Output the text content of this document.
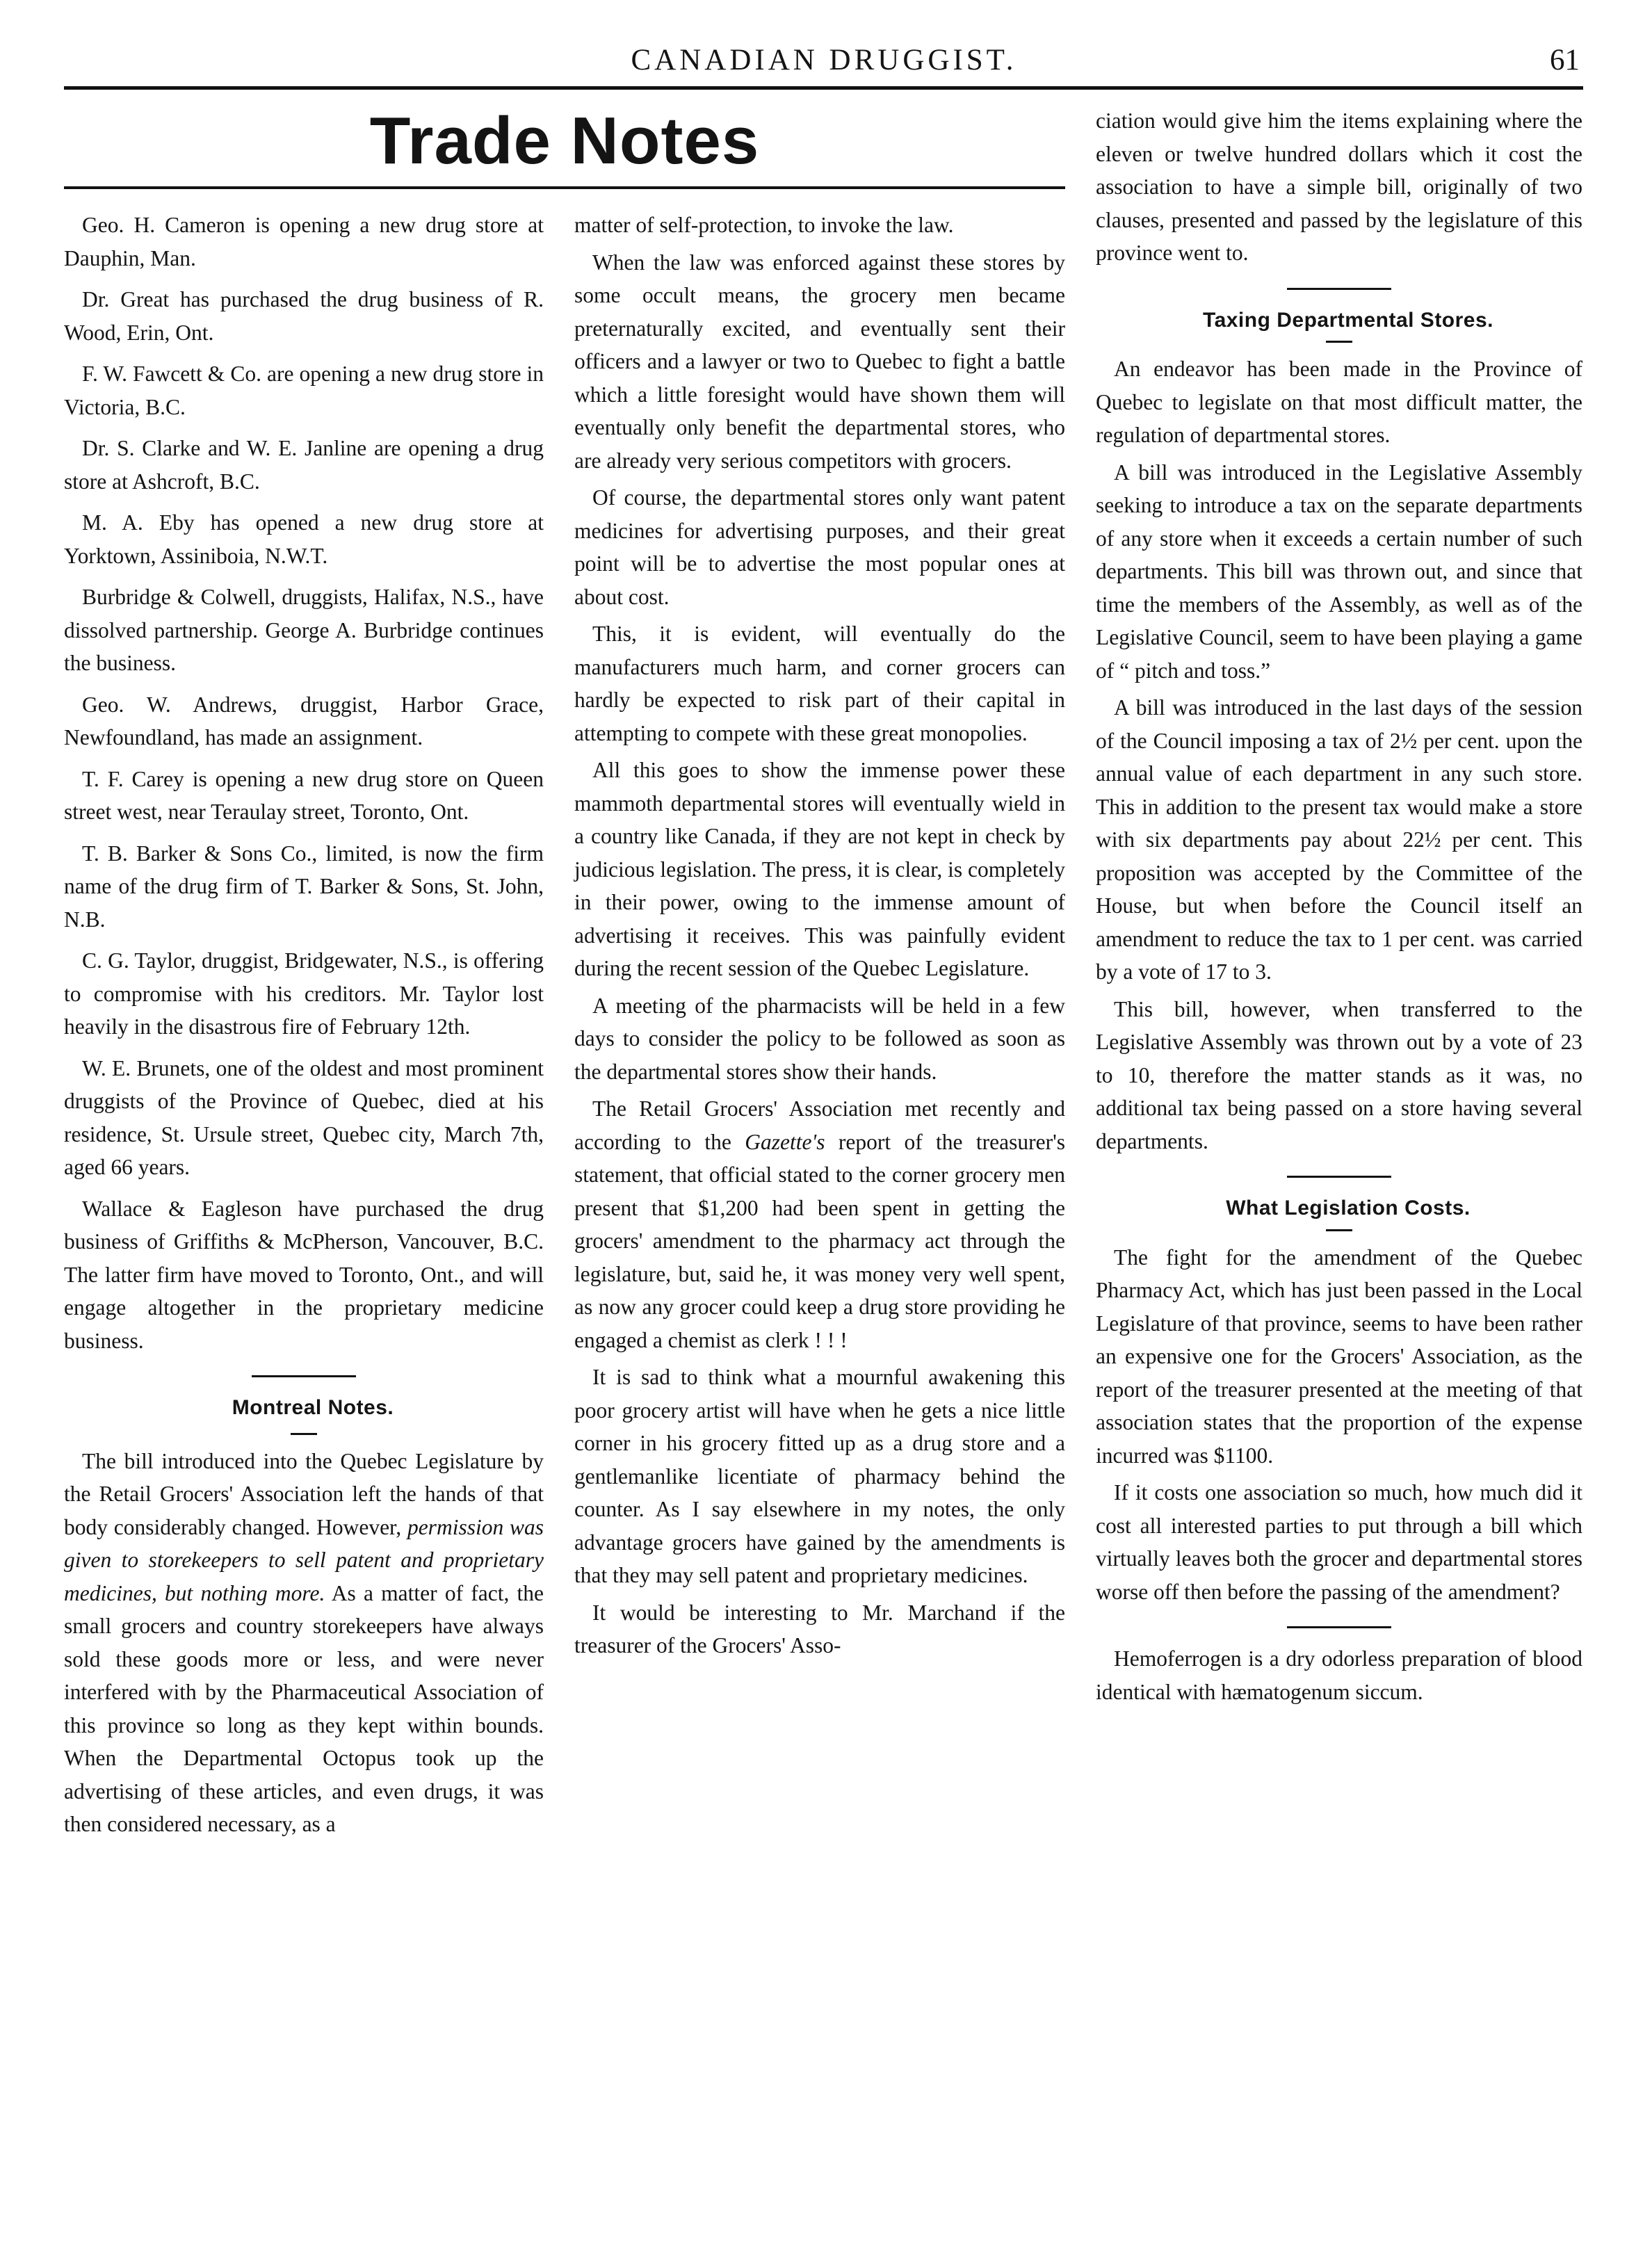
CANADIAN DRUGGIST.	61
Trade Notes

Geo. H. Cameron is opening a new drug store at Dauphin, Man.

Dr. Great has purchased the drug business of R. Wood, Erin, Ont.

F. W. Fawcett & Co. are opening a new drug store in Victoria, B.C.

Dr. S. Clarke and W. E. Janline are opening a drug store at Ashcroft, B.C.

M. A. Eby has opened a new drug store at Yorktown, Assiniboia, N.W.T.

Burbridge & Colwell, druggists, Halifax, N.S., have dissolved partnership. George A. Burbridge continues the business.

Geo. W. Andrews, druggist, Harbor Grace, Newfoundland, has made an assignment.

T. F. Carey is opening a new drug store on Queen street west, near Teraulay street, Toronto, Ont.

T. B. Barker & Sons Co., limited, is now the firm name of the drug firm of T. Barker & Sons, St. John, N.B.

C. G. Taylor, druggist, Bridgewater, N.S., is offering to compromise with his creditors. Mr. Taylor lost heavily in the disastrous fire of February 12th.

W. E. Brunets, one of the oldest and most prominent druggists of the Province of Quebec, died at his residence, St. Ursule street, Quebec city, March 7th, aged 66 years.

Wallace & Eagleson have purchased the drug business of Griffiths & McPherson, Vancouver, B.C. The latter firm have moved to Toronto, Ont., and will engage altogether in the proprietary medicine business.

Montreal Notes.

The bill introduced into the Quebec Legislature by the Retail Grocers' Association left the hands of that body considerably changed. However, permission was given to storekeepers to sell patent and proprietary medicines, but nothing more. As a matter of fact, the small grocers and country storekeepers have always sold these goods more or less, and were never interfered with by the Pharmaceutical Association of this province so long as they kept within bounds. When the Departmental Octopus took up the advertising of these articles, and even drugs, it was then considered necessary, as a

matter of self-protection, to invoke the law.

When the law was enforced against these stores by some occult means, the grocery men became preternaturally excited, and eventually sent their officers and a lawyer or two to Quebec to fight a battle which a little foresight would have shown them will eventually only benefit the departmental stores, who are already very serious competitors with grocers.

Of course, the departmental stores only want patent medicines for advertising purposes, and their great point will be to advertise the most popular ones at about cost.

This, it is evident, will eventually do the manufacturers much harm, and corner grocers can hardly be expected to risk part of their capital in attempting to compete with these great monopolies.

All this goes to show the immense power these mammoth departmental stores will eventually wield in a country like Canada, if they are not kept in check by judicious legislation. The press, it is clear, is completely in their power, owing to the immense amount of advertising it receives. This was painfully evident during the recent session of the Quebec Legislature.

A meeting of the pharmacists will be held in a few days to consider the policy to be followed as soon as the departmental stores show their hands.

The Retail Grocers' Association met recently and according to the Gazette's report of the treasurer's statement, that official stated to the corner grocery men present that $1,200 had been spent in getting the grocers' amendment to the pharmacy act through the legislature, but, said he, it was money very well spent, as now any grocer could keep a drug store providing he engaged a chemist as clerk ! ! !

It is sad to think what a mournful awakening this poor grocery artist will have when he gets a nice little corner in his grocery fitted up as a drug store and a gentlemanlike licentiate of pharmacy behind the counter. As I say elsewhere in my notes, the only advantage grocers have gained by the amendments is that they may sell patent and proprietary medicines.

It would be interesting to Mr. Marchand if the treasurer of the Grocers' Asso-

ciation would give him the items explaining where the eleven or twelve hundred dollars which it cost the association to have a simple bill, originally of two clauses, presented and passed by the legislature of this province went to.

Taxing Departmental Stores.

An endeavor has been made in the Province of Quebec to legislate on that most difficult matter, the regulation of departmental stores.

A bill was introduced in the Legislative Assembly seeking to introduce a tax on the separate departments of any store when it exceeds a certain number of such departments. This bill was thrown out, and since that time the members of the Assembly, as well as of the Legislative Council, seem to have been playing a game of “ pitch and toss.”

A bill was introduced in the last days of the session of the Council imposing a tax of 2½ per cent. upon the annual value of each department in any such store. This in addition to the present tax would make a store with six departments pay about 22½ per cent. This proposition was accepted by the Committee of the House, but when before the Council itself an amendment to reduce the tax to 1 per cent. was carried by a vote of 17 to 3.

This bill, however, when transferred to the Legislative Assembly was thrown out by a vote of 23 to 10, therefore the matter stands as it was, no additional tax being passed on a store having several departments.

What Legislation Costs.

The fight for the amendment of the Quebec Pharmacy Act, which has just been passed in the Local Legislature of that province, seems to have been rather an expensive one for the Grocers' Association, as the report of the treasurer presented at the meeting of that association states that the proportion of the expense incurred was $1100.

If it costs one association so much, how much did it cost all interested parties to put through a bill which virtually leaves both the grocer and departmental stores worse off then before the passing of the amendment?

Hemoferrogen is a dry odorless preparation of blood identical with hæmatogenum siccum.
